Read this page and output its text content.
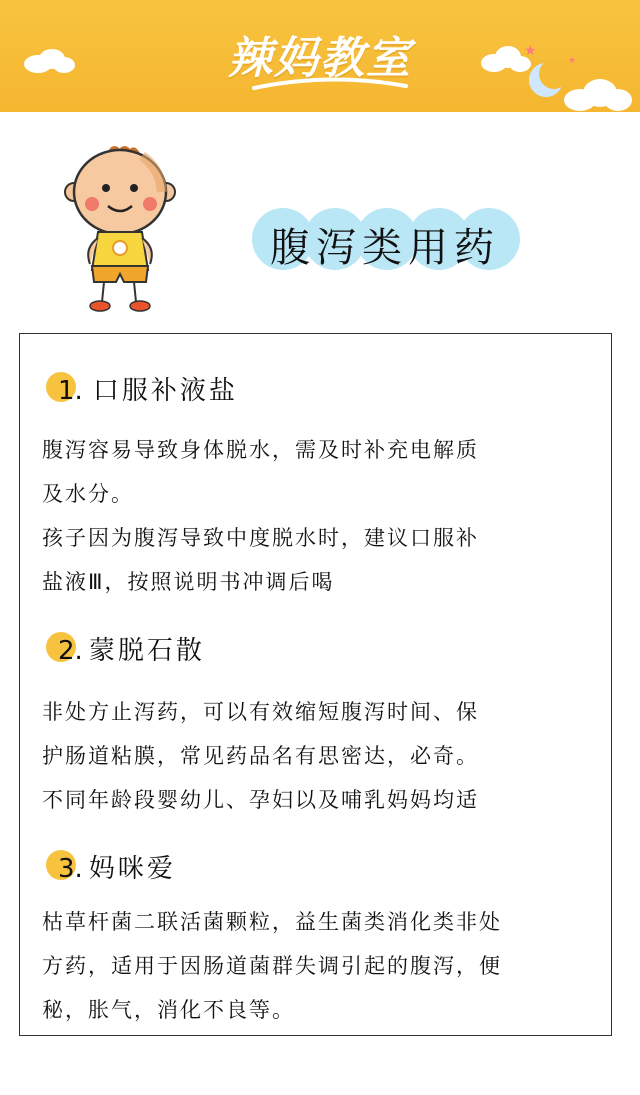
★
★
辣妈教室
腹泻类用药
1. 口服补液盐
腹泻容易导致身体脱水，需及时补充电解质
及水分。
孩子因为腹泻导致中度脱水时，建议口服补
盐液Ⅲ，按照说明书冲调后喝
2. 蒙脱石散
非处方止泻药，可以有效缩短腹泻时间、保
护肠道粘膜，常见药品名有思密达，必奇。
不同年龄段婴幼儿、孕妇以及哺乳妈妈均适
3. 妈咪爱
枯草杆菌二联活菌颗粒，益生菌类消化类非处
方药，适用于因肠道菌群失调引起的腹泻，便
秘，胀气，消化不良等。
